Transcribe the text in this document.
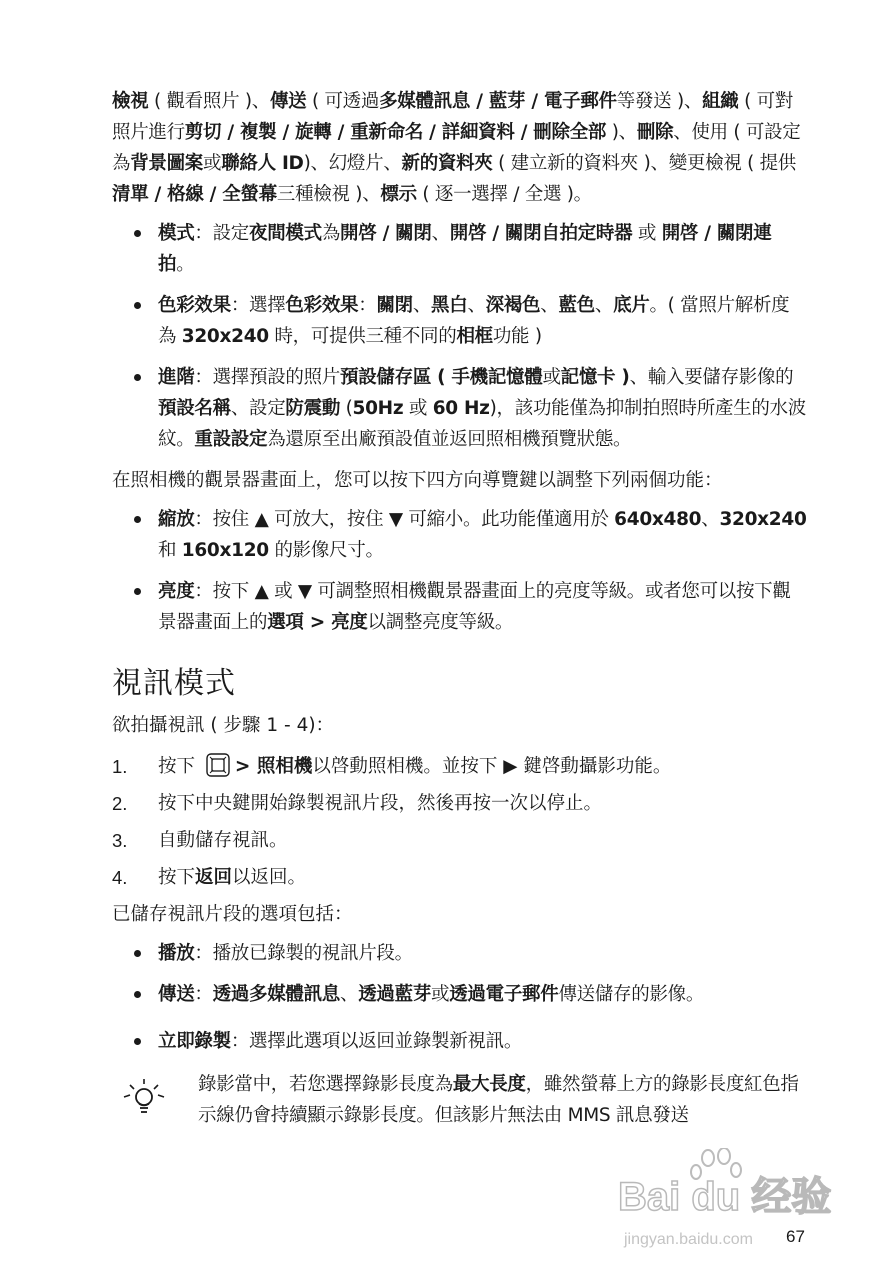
檢視 ( 觀看照片 )、傳送 ( 可透過多媒體訊息 / 藍芽 / 電子郵件等發送 )、組織 ( 可對照片進行剪切 / 複製 / 旋轉 / 重新命名 / 詳細資料 / 刪除全部 )、刪除、使用 ( 可設定為背景圖案或聯絡人 ID)、幻燈片、新的資料夾 ( 建立新的資料夾 )、變更檢視 ( 提供清單 / 格線 / 全螢幕三種檢視 )、標示 ( 逐一選擇 / 全選 )。

模式：設定夜間模式為開啓 / 關閉、開啓 / 關閉自拍定時器 或 開啓 / 關閉連拍。

色彩效果：選擇色彩效果：關閉、黑白、深褐色、藍色、底片。( 當照片解析度為 320x240 時，可提供三種不同的相框功能 )

進階：選擇預設的照片預設儲存區 ( 手機記憶體或記憶卡 )、輸入要儲存影像的預設名稱、設定防震動 (50Hz 或 60 Hz)，該功能僅為抑制拍照時所產生的水波紋。重設設定為還原至出廠預設值並返回照相機預覽狀態。

在照相機的觀景器畫面上，您可以按下四方向導覽鍵以調整下列兩個功能：

縮放：按住 ▲ 可放大，按住 ▼ 可縮小。此功能僅適用於 640x480、320x240 和 160x120 的影像尺寸。

亮度：按下 ▲ 或 ▼ 可調整照相機觀景器畫面上的亮度等級。或者您可以按下觀景器畫面上的選項 > 亮度以調整亮度等級。

視訊模式

欲拍攝視訊 ( 步驟 1 - 4)：

1. 按下 > 照相機以啓動照相機。並按下 ▶ 鍵啓動攝影功能。

2. 按下中央鍵開始錄製視訊片段，然後再按一次以停止。

3. 自動儲存視訊。

4. 按下返回以返回。

已儲存視訊片段的選項包括：

播放：播放已錄製的視訊片段。

傳送：透過多媒體訊息、透過藍芽或透過電子郵件傳送儲存的影像。

立即錄製：選擇此選項以返回並錄製新視訊。

錄影當中，若您選擇錄影長度為最大長度，雖然螢幕上方的錄影長度紅色指示線仍會持續顯示錄影長度。但該影片無法由 MMS 訊息發送

Bai du 经验
jingyan.baidu.com 67
